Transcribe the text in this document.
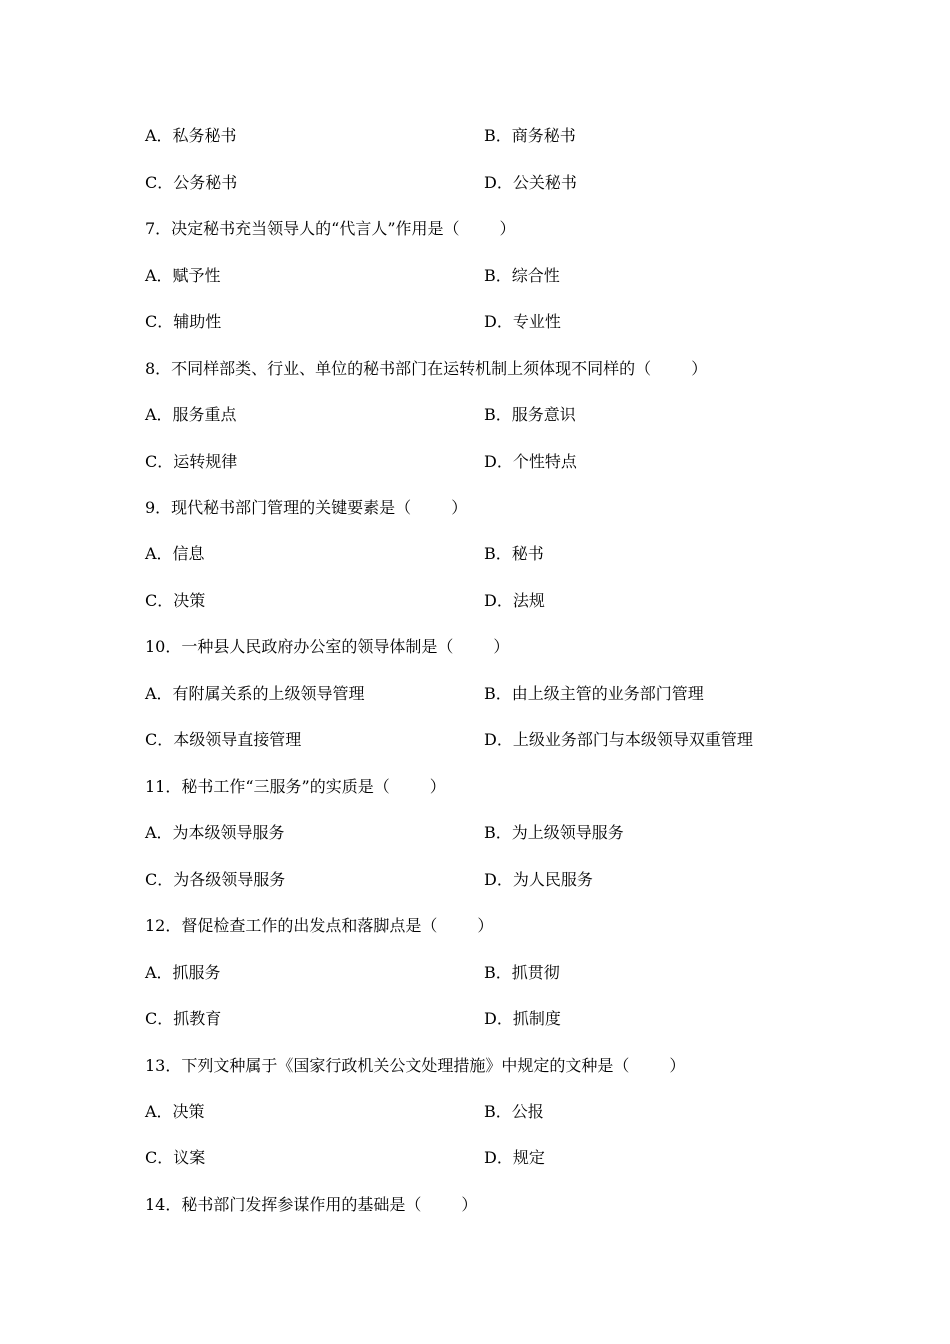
A．私务秘书	B．商务秘书
C．公务秘书	D．公关秘书
7．决定秘书充当领导人的“代言人”作用是（	）
A．赋予性	B．综合性
C．辅助性	D．专业性
8．不同样部类、行业、单位的秘书部门在运转机制上须体现不同样的（	）
A．服务重点	B．服务意识
C．运转规律	D．个性特点
9．现代秘书部门管理的关键要素是（	）
A．信息	B．秘书
C．决策	D．法规
10．一种县人民政府办公室的领导体制是（	）
A．有附属关系的上级领导管理	B．由上级主管的业务部门管理
C．本级领导直接管理	D．上级业务部门与本级领导双重管理
11．秘书工作“三服务”的实质是（	）
A．为本级领导服务	B．为上级领导服务
C．为各级领导服务	D．为人民服务
12．督促检查工作的出发点和落脚点是（	）
A．抓服务	B．抓贯彻
C．抓教育	D．抓制度
13．下列文种属于《国家行政机关公文处理措施》中规定的文种是（	）
A．决策	B．公报
C．议案	D．规定
14．秘书部门发挥参谋作用的基础是（	）
